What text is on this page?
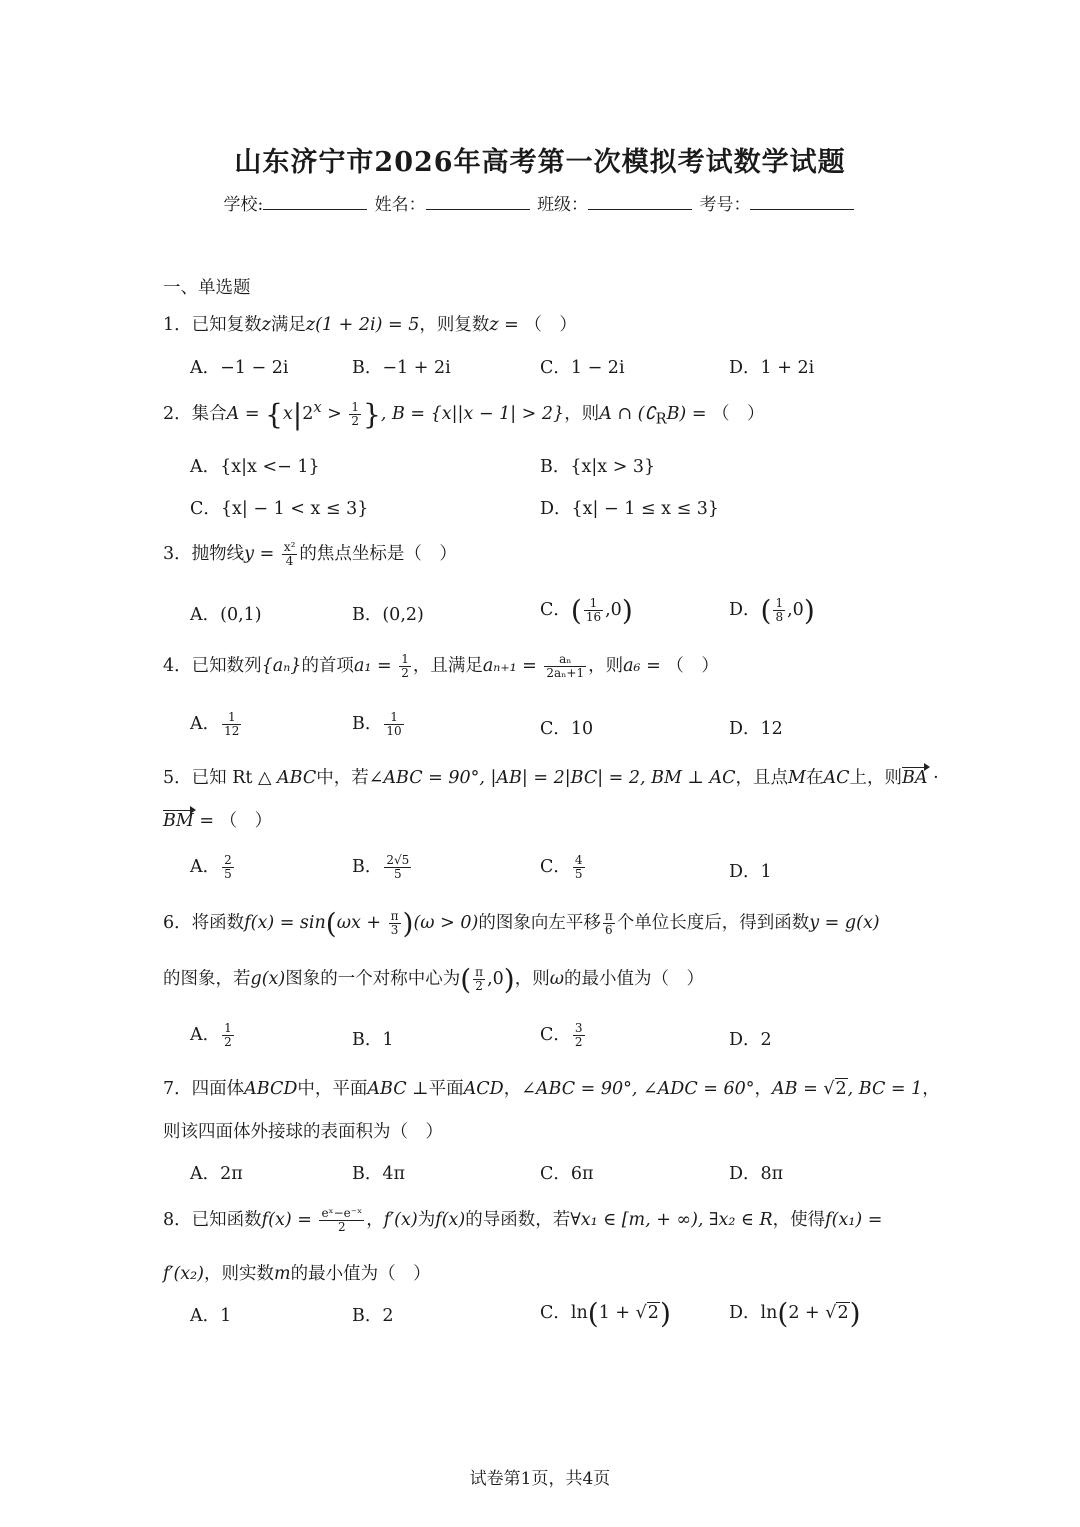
山东济宁市2026年高考第一次模拟考试数学试题
学校:	姓名：	班级：	考号：
一、单选题
1．已知复数z满足z(1 + 2i) = 5，则复数z = （　）
A．−1 − 2i	B．−1 + 2i	C．1 − 2i	D．1 + 2i
2．集合$A = \{x|2^x > \frac{1}{2}$ }, B = {x||x − 1| > 2}，则A ∩ $(∁_RB)$ = （　）
A．{x|x <− 1}	B．{x|x > 3}
C．{x| − 1 < x ≤ 3}	D．{x| − 1 ≤ x ≤ 3}
3．抛物线$y = \frac{\text{x²}}{4}$ 的焦点坐标是（　）
A．(0,1)	B．(0,2)	C．( $\frac{1}{16} ,0$)	D．( $\frac{1}{8} ,0$)
4．已知数列{aₙ}的首项$a_1 = \frac{1}{2}$ ，且满足$a_{n+1} = \frac{\text{aₙ}}{\text{2aₙ+1}}$ ，则a₆ = （　）
A． $\frac{1}{12}$	B． $\frac{1}{10}$	C．10	D．12
5．已知 Rt △ ABC中，若∠ABC = 90°, |AB| = 2|BC| = 2, BM ⊥ AC，且点M在AC上，则BA ·
BM = （　）
A． $\frac{2}{5}$	B． $\frac{2√5}{5}$	C． $\frac{4}{5}$	D．1
6．将函数$f(x) = \sin(\omega x + \frac{\pi}{3} )(\omega > 0)$的图象向左平移 $\frac{\pi}{6}$ 个单位长度后，得到函数y = g(x)
的图象，若g(x)图象的一个对称中心为( $\frac{\pi}{2} ,0$)，则ω的最小值为（　）
A． $\frac{1}{2}$	B．1	C． $\frac{3}{2}$	D．2
7．四面体ABCD中，平面ABC ⊥平面ACD，∠ABC = 90°, ∠ADC = 60°，AB = √2, BC = 1，
则该四面体外接球的表面积为（　）
A．2π	B．4π	C．6π	D．8π
8．已知函数$f(x) = \frac{\text{eˣ−e⁻ˣ}}{2}$ ，f′(x)为f(x)的导函数，若∀x₁ ∈ [m, + ∞), ∃x₂ ∈ R，使得f(x₁) =
f′(x₂)，则实数m的最小值为（　）
A．1	B．2	C．ln(1 + √2)	D．ln(2 + √2)
试卷第1页，共4页
